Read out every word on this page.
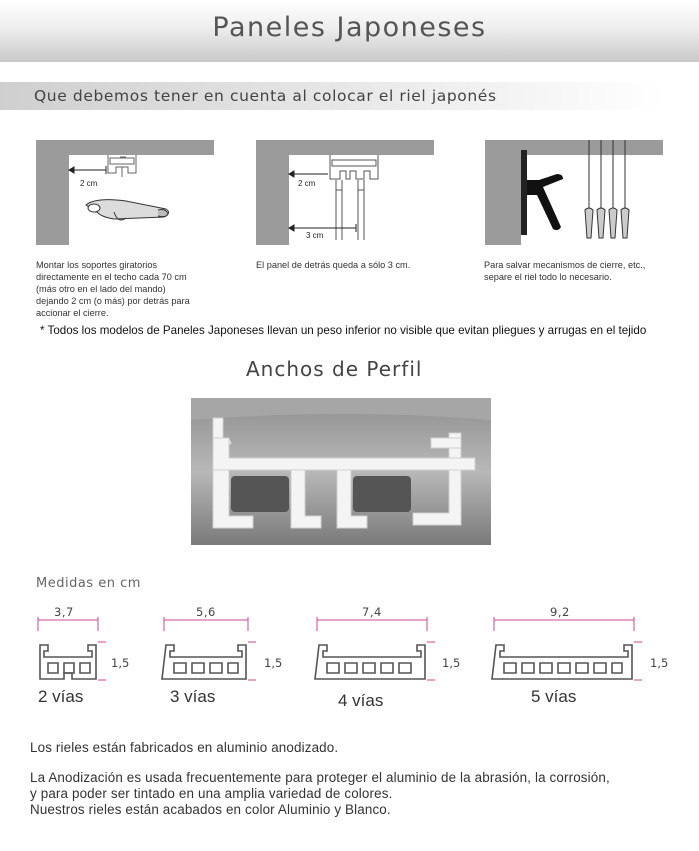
Paneles Japoneses
Que debemos tener en cuenta al colocar el riel japonés
2 cm
Montar los soportes giratorios
directamente en el techo cada 70 cm
(más otro en el lado del mando)
dejando 2 cm (o más) por detrás para
accionar el cierre.
2 cm
3 cm
El panel de detrás queda a sólo 3 cm.	Para salvar mecanismos de cierre, etc.,
separe el riel todo lo necesario.
* Todos los modelos de Paneles Japoneses llevan un peso inferior no visible que evitan pliegues y arrugas en el tejido
Anchos de Perfil
Medidas en cm
3,7
1,5
2 vías
5,6
1,5
3 vías
7,4
1,5
4 vías
9,2
1,5
5 vías
Los rieles están fabricados en aluminio anodizado.
La Anodización es usada frecuentemente para proteger el aluminio de la abrasión, la corrosión,
y para poder ser tintado en una amplia variedad de colores.
Nuestros rieles están acabados en color Aluminio y Blanco.
